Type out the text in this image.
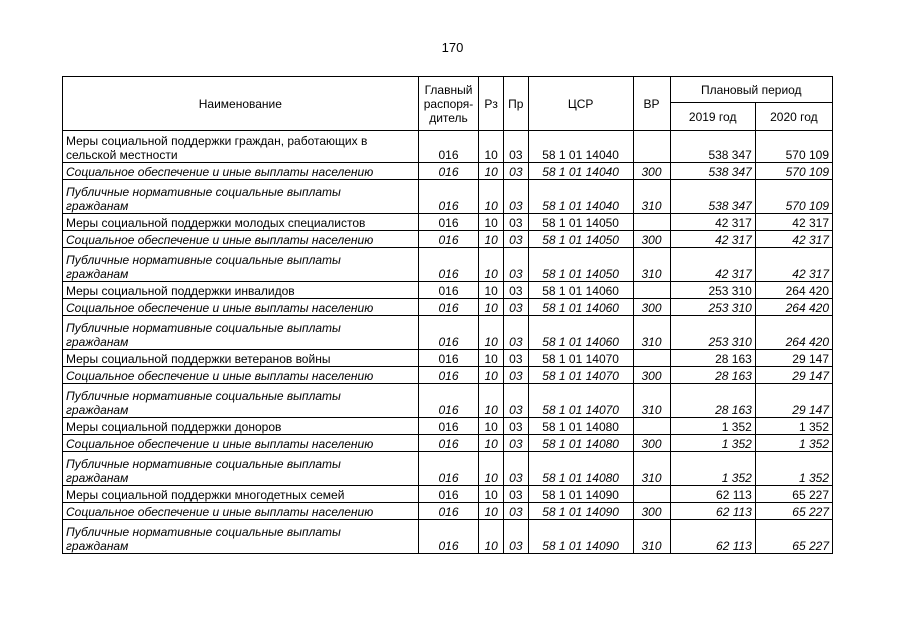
170
Наименование	Главный
распоря-
дитель	Рз	Пр	ЦСР	ВР	Плановый период	
						2019 год	2020 год

Меры социальной поддержки граждан, работающих в
сельской местности	016	10	03	58 1 01 14040		538 347	570 109

Социальное обеспечение и иные выплаты населению	016	10	03	58 1 01 14040	300	538 347	570 109

Публичные нормативные социальные выплаты
гражданам	016	10	03	58 1 01 14040	310	538 347	570 109

Меры социальной поддержки молодых специалистов	016	10	03	58 1 01 14050		42 317	42 317

Социальное обеспечение и иные выплаты населению	016	10	03	58 1 01 14050	300	42 317	42 317

Публичные нормативные социальные выплаты
гражданам	016	10	03	58 1 01 14050	310	42 317	42 317

Меры социальной поддержки инвалидов	016	10	03	58 1 01 14060		253 310	264 420

Социальное обеспечение и иные выплаты населению	016	10	03	58 1 01 14060	300	253 310	264 420

Публичные нормативные социальные выплаты
гражданам	016	10	03	58 1 01 14060	310	253 310	264 420

Меры социальной поддержки ветеранов войны	016	10	03	58 1 01 14070		28 163	29 147

Социальное обеспечение и иные выплаты населению	016	10	03	58 1 01 14070	300	28 163	29 147

Публичные нормативные социальные выплаты
гражданам	016	10	03	58 1 01 14070	310	28 163	29 147

Меры социальной поддержки доноров	016	10	03	58 1 01 14080		1 352	1 352

Социальное обеспечение и иные выплаты населению	016	10	03	58 1 01 14080	300	1 352	1 352

Публичные нормативные социальные выплаты
гражданам	016	10	03	58 1 01 14080	310	1 352	1 352

Меры социальной поддержки многодетных семей	016	10	03	58 1 01 14090		62 113	65 227

Социальное обеспечение и иные выплаты населению	016	10	03	58 1 01 14090	300	62 113	65 227

Публичные нормативные социальные выплаты
гражданам	016	10	03	58 1 01 14090	310	62 113	65 227
